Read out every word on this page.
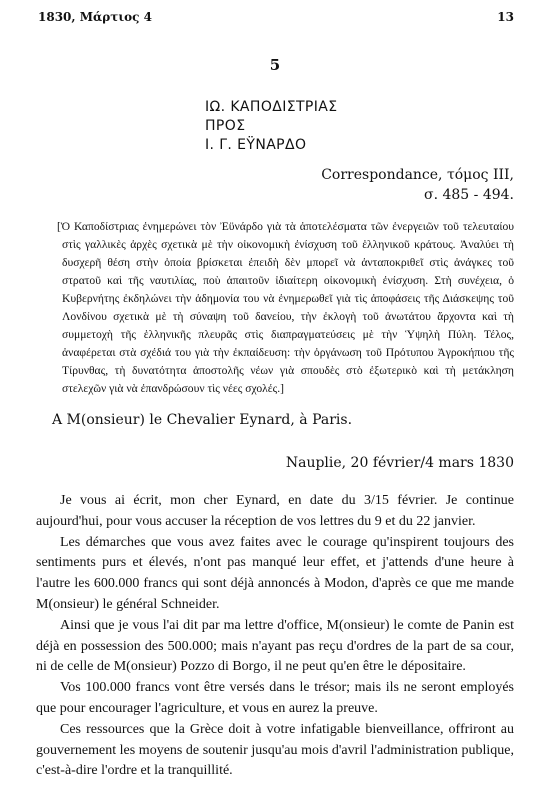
1830, Μάρτιος 4	13
5
ΙΩ. ΚΑΠΟΔΙΣΤΡΙΑΣ
ΠΡΟΣ
Ι. Γ. ΕΫΝΑΡΔΟ
Correspondance, τόμος III,
σ. 485 - 494.
[Ὁ Καποδίστριας ἐνημερώνει τὸν Ἐϋνάρδο γιὰ τὰ ἀποτελέσματα τῶν ἐνεργειῶν τοῦ τελευταίου στὶς γαλλικὲς ἀρχὲς σχετικὰ μὲ τὴν οἰκονομικὴ ἐνίσχυση τοῦ ἑλληνικοῦ κράτους. Ἀναλύει τὴ δυσχερῆ θέση στὴν ὁποία βρίσκεται ἐπειδὴ δὲν μπορεῖ νὰ ἀνταποκριθεῖ στὶς ἀνάγκες τοῦ στρατοῦ καὶ τῆς ναυτιλίας, ποὺ ἀπαιτοῦν ἰδιαίτερη οἰκονομικὴ ἐνίσχυση. Στὴ συνέχεια, ὁ Κυβερνήτης ἐκδηλώνει τὴν ἀδημονία του νὰ ἐνημερωθεῖ γιὰ τὶς ἀποφάσεις τῆς Διάσκεψης τοῦ Λονδίνου σχετικὰ μὲ τὴ σύναψη τοῦ δανείου, τὴν ἐκλογὴ τοῦ ἀνωτάτου ἄρχοντα καὶ τὴ συμμετοχὴ τῆς ἑλληνικῆς πλευρᾶς στὶς διαπραγματεύσεις μὲ τὴν Ὑψηλὴ Πύλη. Τέλος, ἀναφέρεται στὰ σχέδιά του γιὰ τὴν ἐκπαίδευση: τὴν ὀργάνωση τοῦ Πρότυπου Ἀγροκήπιου τῆς Τίρυνθας, τὴ δυνατότητα ἀποστολῆς νέων γιὰ σπουδὲς στὸ ἐξωτερικὸ καὶ τὴ μετάκληση στελεχῶν γιὰ νὰ ἐπανδρώσουν τὶς νέες σχολές.]
A M(onsieur) le Chevalier Eynard, à Paris.
Nauplie, 20 février/4 mars 1830

Je vous ai écrit, mon cher Eynard, en date du 3/15 février. Je continue aujourd'hui, pour vous accuser la réception de vos lettres du 9 et du 22 janvier.

Les démarches que vous avez faites avec le courage qu'inspirent toujours des sentiments purs et élevés, n'ont pas manqué leur effet, et j'attends d'une heure à l'autre les 600.000 francs qui sont déjà annoncés à Modon, d'après ce que me mande M(onsieur) le général Schneider.

Ainsi que je vous l'ai dit par ma lettre d'office, M(onsieur) le comte de Panin est déjà en possession des 500.000; mais n'ayant pas reçu d'ordres de la part de sa cour, ni de celle de M(onsieur) Pozzo di Borgo, il ne peut qu'en être le dépositaire.

Vos 100.000 francs vont être versés dans le trésor; mais ils ne seront employés que pour encourager l'agriculture, et vous en aurez la preuve.

Ces ressources que la Grèce doit à votre infatigable bienveillance, offriront au gouvernement les moyens de soutenir jusqu'au mois d'avril l'administration publique, c'est-à-dire l'ordre et la tranquillité.
